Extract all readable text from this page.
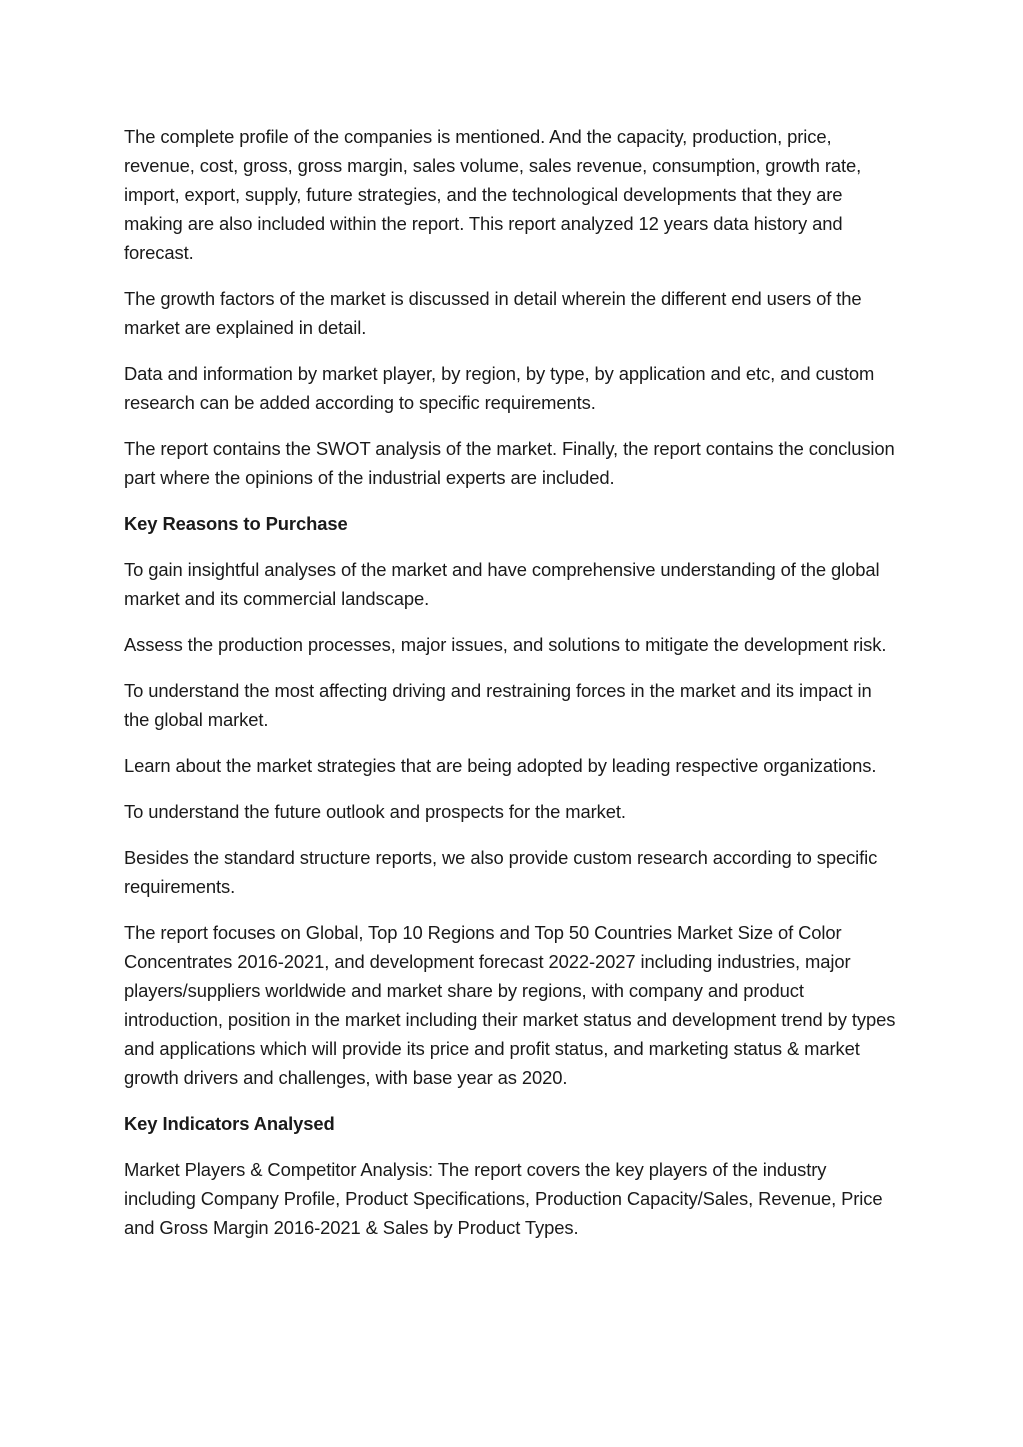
The complete profile of the companies is mentioned. And the capacity, production, price, revenue, cost, gross, gross margin, sales volume, sales revenue, consumption, growth rate, import, export, supply, future strategies, and the technological developments that they are making are also included within the report. This report analyzed 12 years data history and forecast.

The growth factors of the market is discussed in detail wherein the different end users of the market are explained in detail.

Data and information by market player, by region, by type, by application and etc, and custom research can be added according to specific requirements.

The report contains the SWOT analysis of the market. Finally, the report contains the conclusion part where the opinions of the industrial experts are included.

Key Reasons to Purchase

To gain insightful analyses of the market and have comprehensive understanding of the global market and its commercial landscape.

Assess the production processes, major issues, and solutions to mitigate the development risk.

To understand the most affecting driving and restraining forces in the market and its impact in the global market.

Learn about the market strategies that are being adopted by leading respective organizations.

To understand the future outlook and prospects for the market.

Besides the standard structure reports, we also provide custom research according to specific requirements.

The report focuses on Global, Top 10 Regions and Top 50 Countries Market Size of Color Concentrates 2016-2021, and development forecast 2022-2027 including industries, major players/suppliers worldwide and market share by regions, with company and product introduction, position in the market including their market status and development trend by types and applications which will provide its price and profit status, and marketing status & market growth drivers and challenges, with base year as 2020.

Key Indicators Analysed

Market Players & Competitor Analysis: The report covers the key players of the industry including Company Profile, Product Specifications, Production Capacity/Sales, Revenue, Price and Gross Margin 2016-2021 & Sales by Product Types.
